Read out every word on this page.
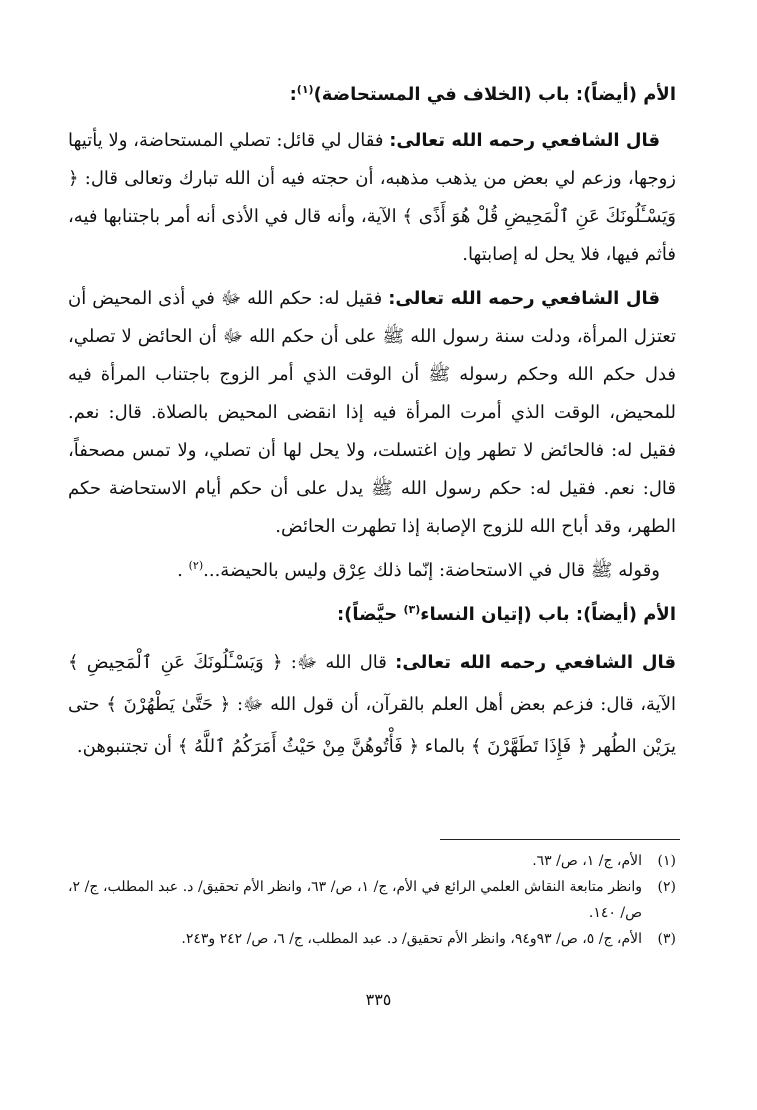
الأم (أيضاً): باب (الخلاف في المستحاضة)$^{(١)}$:

قال الشافعي رحمه الله تعالى: فقال لي قائل: تصلي المستحاضة، ولا يأتيها زوجها، وزعم لي بعض من يذهب مذهبه، أن حجته فيه أن الله تبارك وتعالى قال: ﴿ وَيَسْـَٔلُونَكَ عَنِ ٱلْمَحِيضِ قُلْ هُوَ أَذًى ﴾ الآية، وأنه قال في الأذى أنه أمر باجتنابها فيه، فأثم فيها، فلا يحل له إصابتها.

قال الشافعي رحمه الله تعالى: فقيل له: حكم الله ﷻ في أذى المحيض أن تعتزل المرأة، ودلت سنة رسول الله ﷺ على أن حكم الله ﷻ أن الحائض لا تصلي، فدل حكم الله وحكم رسوله ﷺ أن الوقت الذي أمر الزوج باجتناب المرأة فيه للمحيض، الوقت الذي أمرت المرأة فيه إذا انقضى المحيض بالصلاة. قال: نعم. فقيل له: فالحائض لا تطهر وإن اغتسلت، ولا يحل لها أن تصلي، ولا تمس مصحفاً، قال: نعم. فقيل له: حكم رسول الله ﷺ يدل على أن حكم أيام الاستحاضة حكم الطهر، وقد أباح الله للزوج الإصابة إذا تطهرت الحائض.

وقوله ﷺ قال في الاستحاضة: إنّما ذلك عِرْق وليس بالحيضة...$^{(٢)}$ .

الأم (أيضاً): باب (إتيان النساء$^{(٣)}$ حيَّضاً):

قال الشافعي رحمه الله تعالى: قال الله ﷻ: ﴿ وَيَسْـَٔلُونَكَ عَنِ ٱلْمَحِيضِ ﴾ الآية، قال: فزعم بعض أهل العلم بالقرآن، أن قول الله ﷻ: ﴿ حَتَّىٰ يَطْهُرْنَ ﴾ حتى يرَيْن الطُهر ﴿ فَإِذَا تَطَهَّرْنَ ﴾ بالماء ﴿ فَأْتُوهُنَّ مِنْ حَيْثُ أَمَرَكُمُ ٱللَّهُ ﴾ أن تجتنبوهن.

(١)
الأم، ج/ ١، ص/ ٦٣.
(٢)
وانظر متابعة النقاش العلمي الرائع في الأم، ج/ ١، ص/ ٦٣، وانظر الأم تحقيق/ د. عبد المطلب، ج/ ٢، ص/ ١٤٠.
(٣)
الأم، ج/ ٥، ص/ ٩٣و٩٤، وانظر الأم تحقيق/ د. عبد المطلب، ج/ ٦، ص/ ٢٤٢ و٢٤٣.
٣٣٥
